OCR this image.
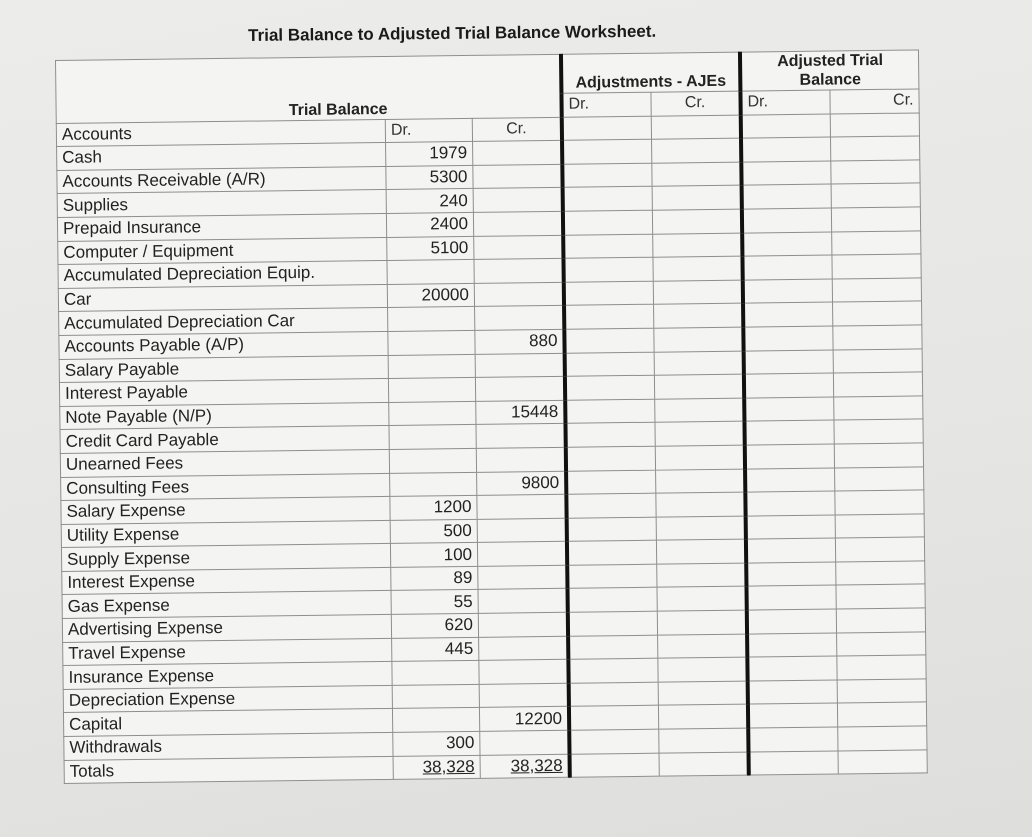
Trial Balance to Adjusted Trial Balance Worksheet.
Trial Balance			Adjustments - AJEs		Adjusted Trial Balance	
			Dr.	Cr.	Dr.	Cr.
Accounts	Dr.	Cr.				
Cash	1979					
Accounts Receivable (A/R)	5300					
Supplies	240					
Prepaid Insurance	2400					
Computer / Equipment	5100					
Accumulated Depreciation Equip.						
Car	20000					
Accumulated Depreciation Car						
Accounts Payable (A/P)		880				
Salary Payable						
Interest Payable						
Note Payable (N/P)		15448				
Credit Card Payable						
Unearned Fees						
Consulting Fees		9800				
Salary Expense	1200					
Utility Expense	500					
Supply Expense	100					
Interest Expense	89					
Gas Expense	55					
Advertising Expense	620					
Travel Expense	445					
Insurance Expense						
Depreciation Expense						
Capital		12200				
Withdrawals	300					
Totals	38,328	38,328				
